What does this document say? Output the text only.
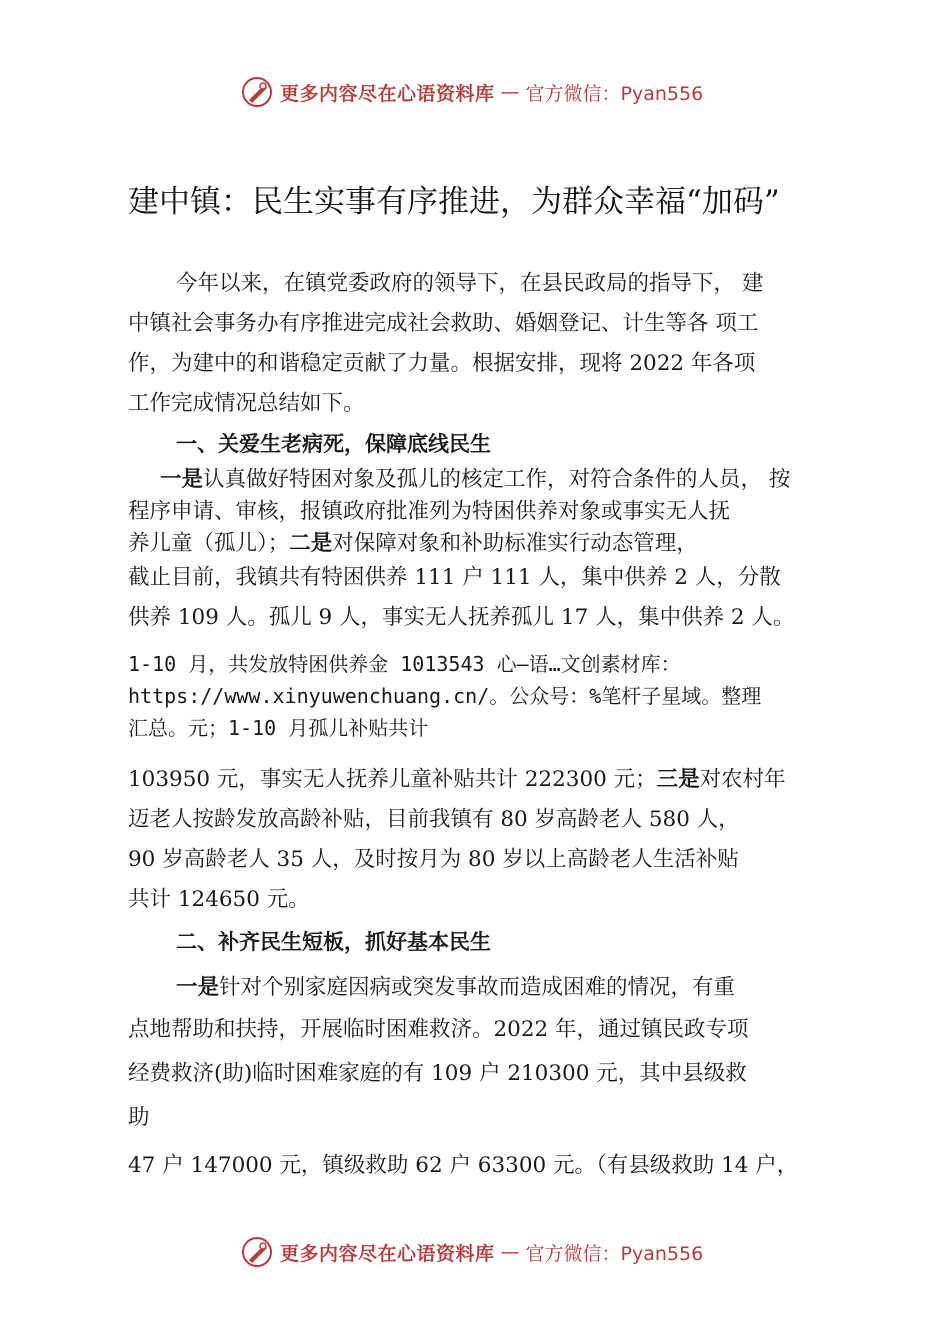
更多内容尽在心语资料库 — 官方微信：Pyan556
建中镇：民生实事有序推进，为群众幸福“加码”
今年以来，在镇党委政府的领导下，在县民政局的指导下， 建
中镇社会事务办有序推进完成社会救助、婚姻登记、计生等各 项工
作，为建中的和谐稳定贡献了力量。根据安排，现将 2022 年各项
工作完成情况总结如下。
一、关爱生老病死，保障底线民生
一是认真做好特困对象及孤儿的核定工作，对符合条件的人员， 按
程序申请、审核，报镇政府批准列为特困供养对象或事实无人抚
养儿童（孤儿）；二是对保障对象和补助标准实行动态管理，
截止目前，我镇共有特困供养 111 户 111 人，集中供养 2 人，分散
供养 109 人。孤儿 9 人，事实无人抚养孤儿 17 人，集中供养 2 人。
1-10 月，共发放特困供养金 1013543 心—语…文创素材库：
https://www.xinyuwenchuang.cn/。公众号：%笔杆子星域。整理
汇总。元；1-10 月孤儿补贴共计
103950 元，事实无人抚养儿童补贴共计 222300 元；三是对农村年
迈老人按龄发放高龄补贴，目前我镇有 80 岁高龄老人 580 人，
90 岁高龄老人 35 人，及时按月为 80 岁以上高龄老人生活补贴
共计 124650 元。
二、补齐民生短板，抓好基本民生
一是针对个别家庭因病或突发事故而造成困难的情况，有重
点地帮助和扶持，开展临时困难救济。2022 年，通过镇民政专项
经费救济(助)临时困难家庭的有 109 户 210300 元，其中县级救
助
47 户 147000 元，镇级救助 62 户 63300 元。（有县级救助 14 户，
更多内容尽在心语资料库 — 官方微信：Pyan556
